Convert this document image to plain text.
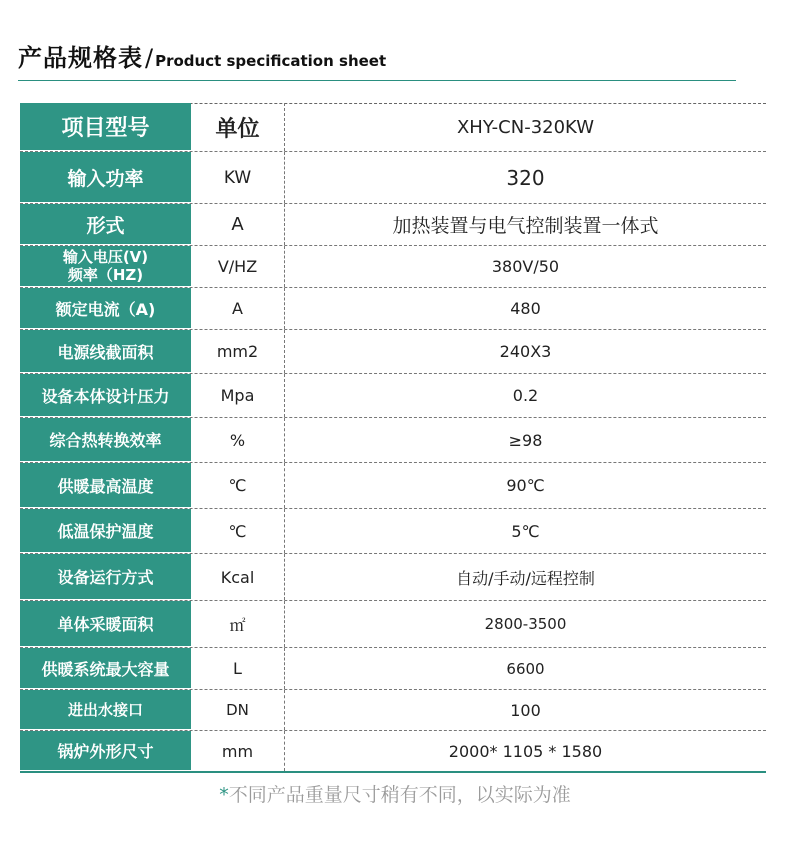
产品规格表 / Product specification sheet
项目型号	单位	XHY-CN-320KW
输入功率	KW	320
形式	A	加热装置与电气控制装置一体式
输入电压(V)
频率（HZ)	V/HZ	380V/50
额定电流（A)	A	480
电源线截面积	mm2	240X3
设备本体设计压力	Mpa	0.2
综合热转换效率	%	≥98
供暖最高温度	℃	90℃
低温保护温度	℃	5℃
设备运行方式	Kcal	自动/手动/远程控制
单体采暖面积	㎡	2800-3500
供暖系统最大容量	L	6600
进出水接口	DN	100
锅炉外形尺寸	mm	2000* 1105 * 1580
*不同产品重量尺寸稍有不同，以实际为准
